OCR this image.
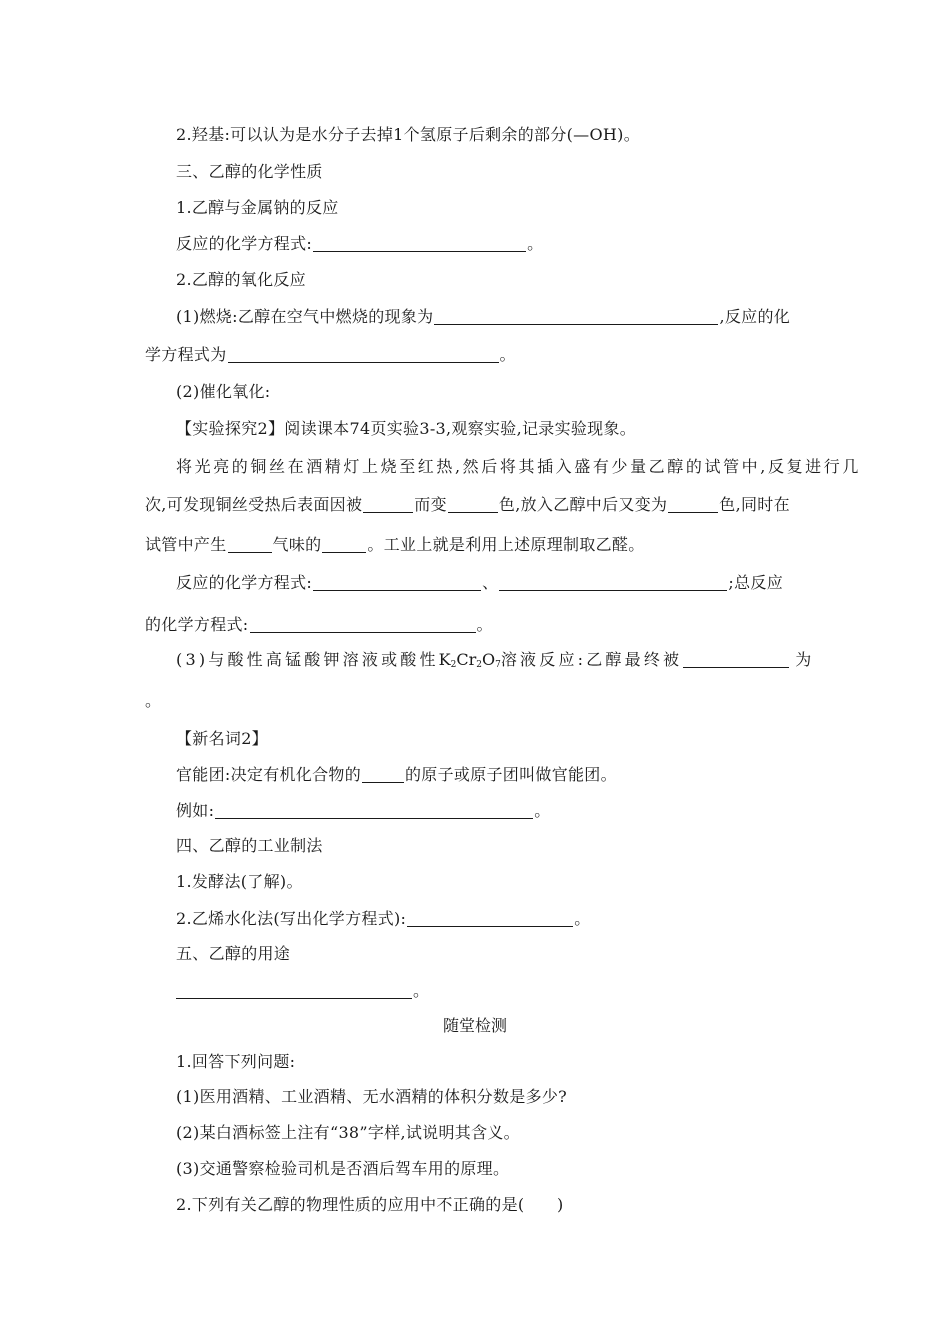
2.羟基:可以认为是水分子去掉1个氢原子后剩余的部分(—OH)。
三、乙醇的化学性质
1.乙醇与金属钠的反应
反应的化学方程式:	。
2.乙醇的氧化反应
(1)燃烧:乙醇在空气中燃烧的现象为	,反应的化
学方程式为	。
(2)催化氧化:
【实验探究2】阅读课本74页实验3-3,观察实验,记录实验现象。
将光亮的铜丝在酒精灯上烧至红热,然后将其插入盛有少量乙醇的试管中,反复进行几
次,可发现铜丝受热后表面因被	而变	色,放入乙醇中后又变为	色,同时在
试管中产生	气味的	。工业上就是利用上述原理制取乙醛。
反应的化学方程式:	、	;总反应
的化学方程式:	。
(3)与酸性高锰酸钾溶液或酸性$K_2Cr_2O_7$溶液反应:乙醇最终被	为
。
【新名词2】
官能团:决定有机化合物的	的原子或原子团叫做官能团。
例如:	。
四、乙醇的工业制法
1.发酵法(了解)。
2.乙烯水化法(写出化学方程式):	。
五、乙醇的用途
。
随堂检测
1.回答下列问题:
(1)医用酒精、工业酒精、无水酒精的体积分数是多少?
(2)某白酒标签上注有“38”字样,试说明其含义。
(3)交通警察检验司机是否酒后驾车用的原理。
2.下列有关乙醇的物理性质的应用中不正确的是(　　)
